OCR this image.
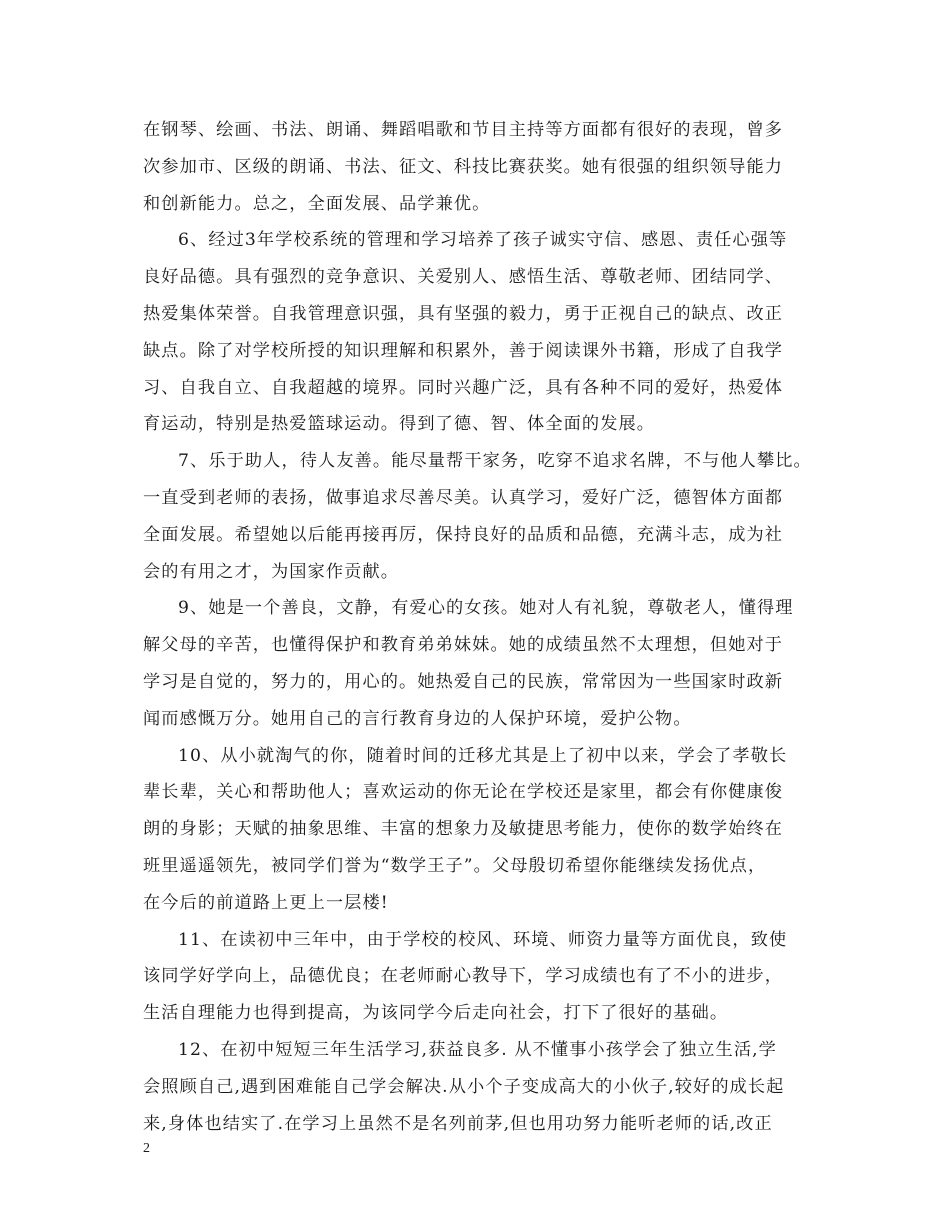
在钢琴、绘画、书法、朗诵、舞蹈唱歌和节目主持等方面都有很好的表现，曾多
次参加市、区级的朗诵、书法、征文、科技比赛获奖。她有很强的组织领导能力
和创新能力。总之，全面发展、品学兼优。
6、经过3年学校系统的管理和学习培养了孩子诚实守信、感恩、责任心强等
良好品德。具有强烈的竞争意识、关爱别人、感悟生活、尊敬老师、团结同学、
热爱集体荣誉。自我管理意识强，具有坚强的毅力，勇于正视自己的缺点、改正
缺点。除了对学校所授的知识理解和积累外，善于阅读课外书籍，形成了自我学
习、自我自立、自我超越的境界。同时兴趣广泛，具有各种不同的爱好，热爱体
育运动，特别是热爱篮球运动。得到了德、智、体全面的发展。
7、乐于助人，待人友善。能尽量帮干家务，吃穿不追求名牌，不与他人攀比。
一直受到老师的表扬，做事追求尽善尽美。认真学习，爱好广泛，德智体方面都
全面发展。希望她以后能再接再厉，保持良好的品质和品德，充满斗志，成为社
会的有用之才，为国家作贡献。
9、她是一个善良，文静，有爱心的女孩。她对人有礼貌，尊敬老人，懂得理
解父母的辛苦，也懂得保护和教育弟弟妹妹。她的成绩虽然不太理想，但她对于
学习是自觉的，努力的，用心的。她热爱自己的民族，常常因为一些国家时政新
闻而感慨万分。她用自己的言行教育身边的人保护环境，爱护公物。
10、从小就淘气的你，随着时间的迁移尤其是上了初中以来，学会了孝敬长
辈长辈，关心和帮助他人；喜欢运动的你无论在学校还是家里，都会有你健康俊
朗的身影；天赋的抽象思维、丰富的想象力及敏捷思考能力，使你的数学始终在
班里遥遥领先，被同学们誉为“数学王子”。父母殷切希望你能继续发扬优点，
在今后的前道路上更上一层楼!
11、在读初中三年中，由于学校的校风、环境、师资力量等方面优良，致使
该同学好学向上，品德优良；在老师耐心教导下，学习成绩也有了不小的进步，
生活自理能力也得到提高，为该同学今后走向社会，打下了很好的基础。
12、在初中短短三年生活学习,获益良多. 从不懂事小孩学会了独立生活,学
会照顾自己,遇到困难能自己学会解决.从小个子变成高大的小伙子,较好的成长起
来,身体也结实了.在学习上虽然不是名列前茅,但也用功努力能听老师的话,改正
2
